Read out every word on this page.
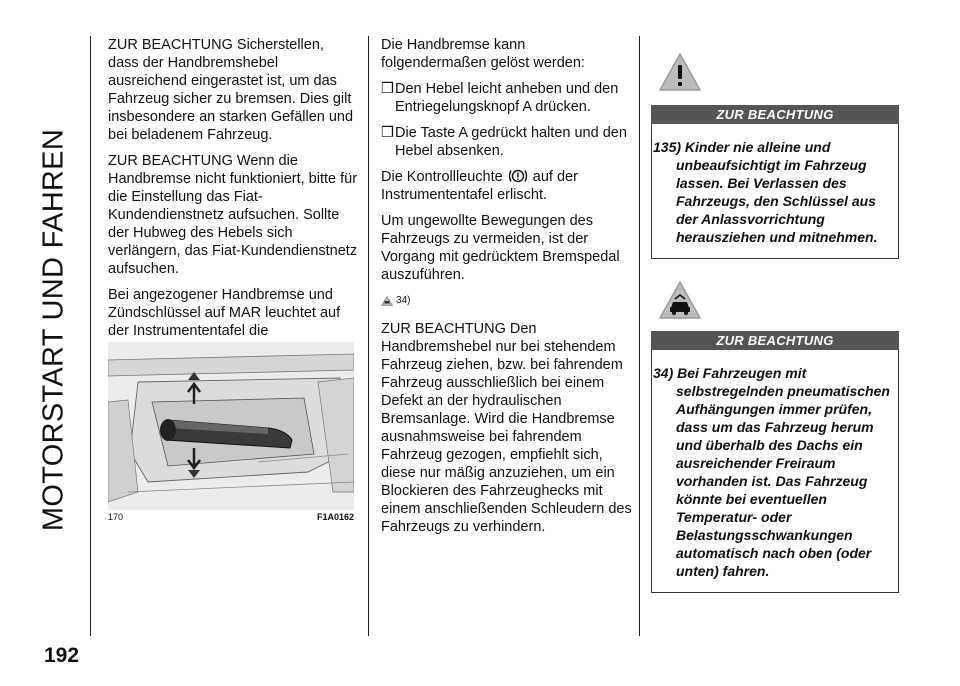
MOTORSTART UND FAHREN

ZUR BEACHTUNG Sicherstellen, dass der Handbremshebel ausreichend eingerastet ist, um das Fahrzeug sicher zu bremsen. Dies gilt insbesondere an starken Gefällen und bei beladenem Fahrzeug.

ZUR BEACHTUNG Wenn die Handbremse nicht funktioniert, bitte für die Einstellung das Fiat-Kundendienstnetz aufsuchen. Sollte der Hubweg des Hebels sich verlängern, das Fiat-Kundendienstnetz aufsuchen.

Bei angezogener Handbremse und Zündschlüssel auf MAR leuchtet auf der Instrumententafel die

170	F1A0162

Die Handbremse kann folgendermaßen gelöst werden:

❒ Den Hebel leicht anheben und den Entriegelungsknopf A drücken.
❒ Die Taste A gedrückt halten und den Hebel absenken.

Die Kontrollleuchte auf der Instrumententafel erlischt.

Um ungewollte Bewegungen des Fahrzeugs zu vermeiden, ist der Vorgang mit gedrücktem Bremspedal auszuführen.

34)

ZUR BEACHTUNG Den Handbremshebel nur bei stehendem Fahrzeug ziehen, bzw. bei fahrendem Fahrzeug ausschließlich bei einem Defekt an der hydraulischen Bremsanlage. Wird die Handbremse ausnahmsweise bei fahrendem Fahrzeug gezogen, empfiehlt sich, diese nur mäßig anzuziehen, um ein Blockieren des Fahrzeughecks mit einem anschließenden Schleudern des Fahrzeugs zu verhindern.

ZUR BEACHTUNG
135) Kinder nie alleine und unbeaufsichtigt im Fahrzeug lassen. Bei Verlassen des Fahrzeugs, den Schlüssel aus der Anlassvorrichtung herausziehen und mitnehmen.
ZUR BEACHTUNG
34) Bei Fahrzeugen mit selbstregelnden pneumatischen Aufhängungen immer prüfen, dass um das Fahrzeug herum und überhalb des Dachs ein ausreichender Freiraum vorhanden ist. Das Fahrzeug könnte bei eventuellen Temperatur- oder Belastungsschwankungen automatisch nach oben (oder unten) fahren.
192
